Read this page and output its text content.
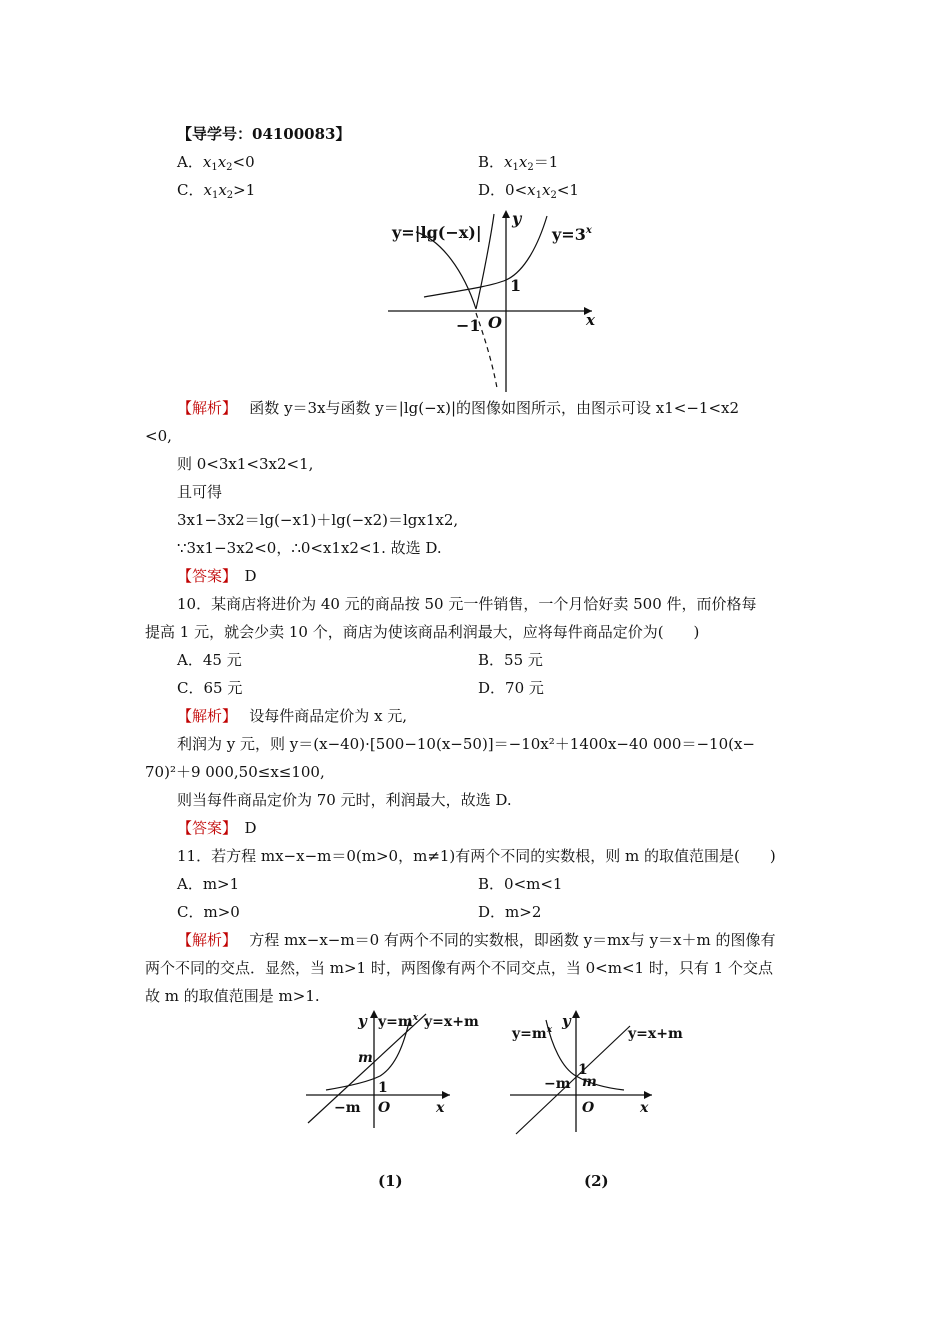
【导学号：04100083】
A．$x_1x_2<0$	B．$x_1x_2=1$
C．$x_1x_2>1$	D．$0<x_1x_2<1$
y=|lg(−x)|	$y=3^x$
y
x
1
−1 O
【解析】　 函数 y＝3x与函数 y＝|lg(−x)|的图像如图所示，由图示可设 x1<−1<x2
<0,
则 0<3x1<3x2<1,
且可得
3x1−3x2＝lg(−x1)＋lg(−x2)＝lgx1x2,
∵3x1−3x2<0，∴0<x1x2<1. 故选 D.
【答案】　 D
10．某商店将进价为 40 元的商品按 50 元一件销售，一个月恰好卖 500 件，而价格每
提高 1 元，就会少卖 10 个，商店为使该商品利润最大，应将每件商品定价为(　　)
A．45 元	B．55 元
C．65 元	D．70 元
【解析】　 设每件商品定价为 x 元,
利润为 y 元，则 y＝(x−40)·[500−10(x−50)]＝−10x²＋1400x−40 000＝−10(x−
70)²＋9 000,50≤x≤100,
则当每件商品定价为 70 元时，利润最大，故选 D.
【答案】　 D
11．若方程 mx−x−m＝0(m>0，m≠1)有两个不同的实数根，则 m 的取值范围是(　　)
A．m>1	B．0<m<1
C．m>0	D．m>2
【解析】　 方程 mx−x−m＝0 有两个不同的实数根，即函数 y＝mx与 y＝x＋m 的图像有
两个不同的交点．显然，当 m>1 时，两图像有两个不同交点，当 0<m<1 时，只有 1 个交点
故 m 的取值范围是 m>1.
y $y=m^x$ y=x+m
m
1
−m O	x
(1)
y
$y=m^x$	y=x+m
1
m
−m
O	x
(2)
